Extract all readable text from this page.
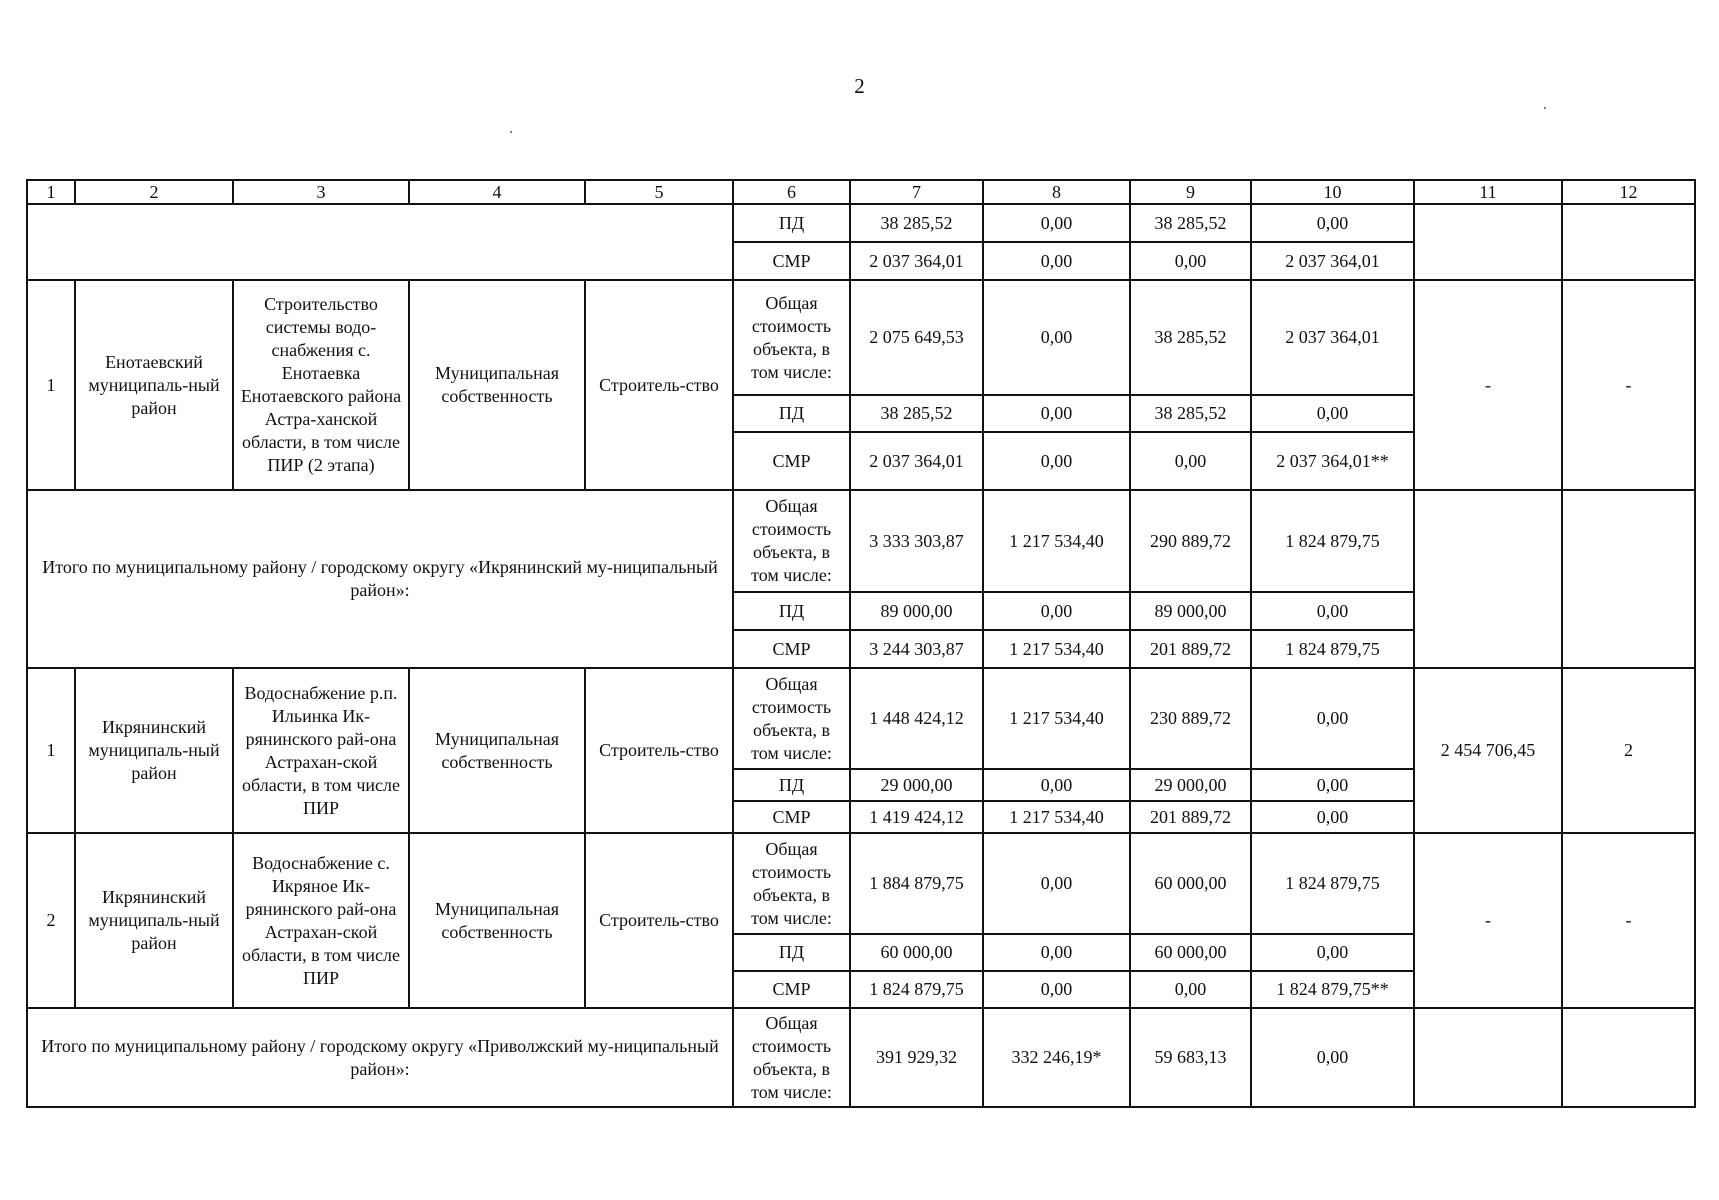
2
1	2	3	4	5	6	7	8	9	10	11	12
					ПД	38 285,52	0,00	38 285,52	0,00		
					СМР	2 037 364,01	0,00	0,00	2 037 364,01		
1	Енотаевский муниципаль-ный район	Строительство системы водо-снабжения с. Енотаевка Енотаевского района Астра-ханской области, в том числе ПИР (2 этапа)	Муниципальная собственность	Строитель-ство	Общая стоимость объекта, в том числе:	2 075 649,53	0,00	38 285,52	2 037 364,01	-	-
					ПД	38 285,52	0,00	38 285,52	0,00		
					СМР	2 037 364,01	0,00	0,00	2 037 364,01**		
Итого по муниципальному району / городскому округу «Икрянинский му-ниципальный район»:					Общая стоимость объекта, в том числе:	3 333 303,87	1 217 534,40	290 889,72	1 824 879,75		
					ПД	89 000,00	0,00	89 000,00	0,00		
					СМР	3 244 303,87	1 217 534,40	201 889,72	1 824 879,75		
1	Икрянинский муниципаль-ный район	Водоснабжение р.п. Ильинка Ик-рянинского рай-она Астрахан-ской области, в том числе ПИР	Муниципальная собственность	Строитель-ство	Общая стоимость объекта, в том числе:	1 448 424,12	1 217 534,40	230 889,72	0,00	2 454 706,45	2
					ПД	29 000,00	0,00	29 000,00	0,00		
					СМР	1 419 424,12	1 217 534,40	201 889,72	0,00		
2	Икрянинский муниципаль-ный район	Водоснабжение с. Икряное Ик-рянинского рай-она Астрахан-ской области, в том числе ПИР	Муниципальная собственность	Строитель-ство	Общая стоимость объекта, в том числе:	1 884 879,75	0,00	60 000,00	1 824 879,75	-	-
					ПД	60 000,00	0,00	60 000,00	0,00		
					СМР	1 824 879,75	0,00	0,00	1 824 879,75**		
Итого по муниципальному району / городскому округу «Приволжский му-ниципальный район»:					Общая стоимость объекта, в том числе:	391 929,32	332 246,19*	59 683,13	0,00		
